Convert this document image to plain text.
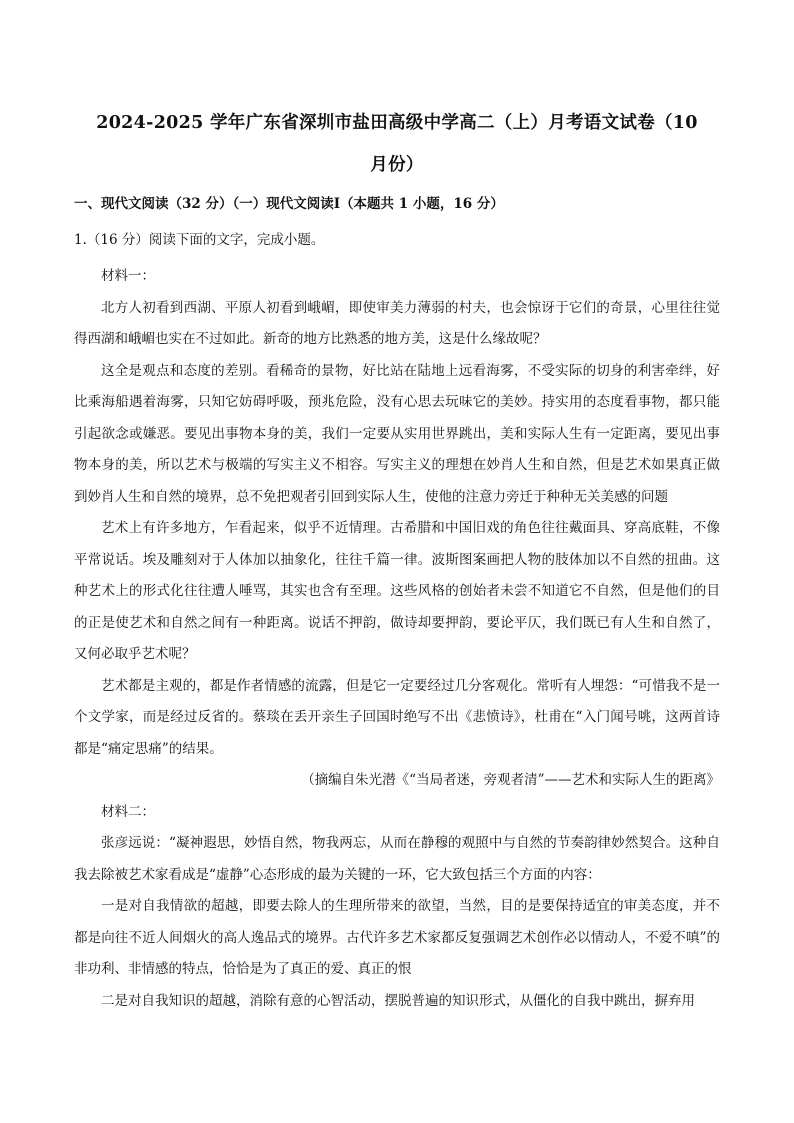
2024-2025 学年广东省深圳市盐田高级中学高二（上）月考语文试卷（10
月份）
一、现代文阅读（32 分）（一）现代文阅读Ⅰ（本题共 1 小题，16 分）
1.（16 分）阅读下面的文字，完成小题。
材料一：

北方人初看到西湖、平原人初看到峨嵋，即使审美力薄弱的村夫，也会惊讶于它们的奇景，心里往往觉得西湖和峨嵋也实在不过如此。新奇的地方比熟悉的地方美，这是什么缘故呢？

这全是观点和态度的差别。看稀奇的景物，好比站在陆地上远看海雾，不受实际的切身的利害牵绊，好比乘海船遇着海雾，只知它妨碍呼吸，预兆危险，没有心思去玩味它的美妙。持实用的态度看事物，都只能引起欲念或嫌恶。要见出事物本身的美，我们一定要从实用世界跳出，美和实际人生有一定距离，要见出事物本身的美，所以艺术与极端的写实主义不相容。写实主义的理想在妙肖人生和自然，但是艺术如果真正做到妙肖人生和自然的境界，总不免把观者引回到实际人生，使他的注意力旁迁于种种无关美感的问题

艺术上有许多地方，乍看起来，似乎不近情理。古希腊和中国旧戏的角色往往戴面具、穿高底鞋，不像平常说话。埃及雕刻对于人体加以抽象化，往往千篇一律。波斯图案画把人物的肢体加以不自然的扭曲。这种艺术上的形式化往往遭人唾骂，其实也含有至理。这些风格的创始者未尝不知道它不自然，但是他们的目的正是使艺术和自然之间有一种距离。说话不押韵，做诗却要押韵，要论平仄，我们既已有人生和自然了，又何必取乎艺术呢？

艺术都是主观的，都是作者情感的流露，但是它一定要经过几分客观化。常听有人埋怨：“可惜我不是一个文学家，而是经过反省的。蔡琰在丢开亲生子回国时绝写不出《悲愤诗》，杜甫在“入门闻号咷，这两首诗都是“痛定思痛”的结果。

（摘编自朱光潜《“当局者迷，旁观者清”——艺术和实际人生的距离》
材料二：

张彦远说：“凝神遐思，妙悟自然，物我两忘，从而在静穆的观照中与自然的节奏韵律妙然契合。这种自我去除被艺术家看成是“虚静”心态形成的最为关键的一环，它大致包括三个方面的内容：

一是对自我情欲的超越，即要去除人的生理所带来的欲望，当然，目的是要保持适宜的审美态度，并不都是向往不近人间烟火的高人逸品式的境界。古代许多艺术家都反复强调艺术创作必以情动人，不爱不嗔”的非功利、非情感的特点，恰恰是为了真正的爱、真正的恨

二是对自我知识的超越，消除有意的心智活动，摆脱普遍的知识形式，从僵化的自我中跳出，摒弃用
